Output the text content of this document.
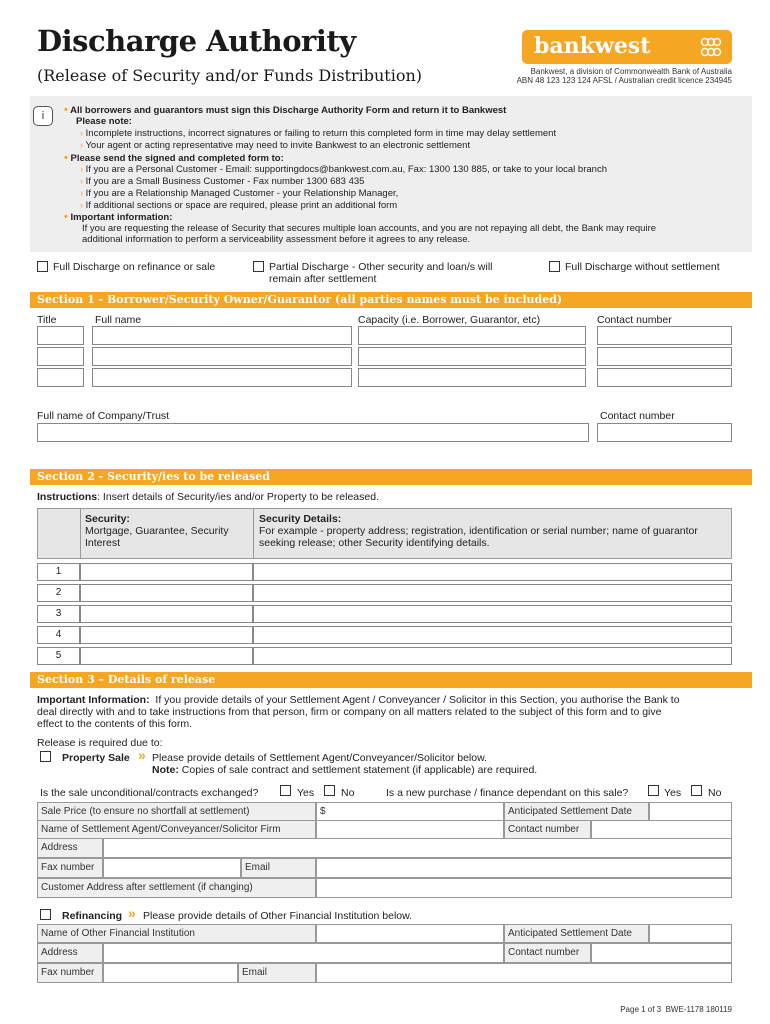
Discharge Authority
(Release of Security and/or Funds Distribution)
bankwest
Bankwest, a division of Commonwealth Bank of Australia
ABN 48 123 123 124 AFSL / Australian credit licence 234945
i	• All borrowers and guarantors must sign this Discharge Authority Form and return it to Bankwest
Please note:
› Incomplete instructions, incorrect signatures or failing to return this completed form in time may delay settlement
› Your agent or acting representative may need to invite Bankwest to an electronic settlement
• Please send the signed and completed form to:
› If you are a Personal Customer - Email: supportingdocs@bankwest.com.au, Fax: 1300 130 885, or take to your local branch
› If you are a Small Business Customer - Fax number 1300 683 435
› If you are a Relationship Managed Customer - your Relationship Manager,
› If additional sections or space are required, please print an additional form
• Important information:
If you are requesting the release of Security that secures multiple loan accounts, and you are not repaying all debt, the Bank may require
additional information to perform a serviceability assessment before it agrees to any release.
Full Discharge on refinance or sale	Partial Discharge - Other security and loan/s will
remain after settlement
Full Discharge without settlement
Section 1 - Borrower/Security Owner/Guarantor (all parties names must be included)
Title	Full name	Capacity (i.e. Borrower, Guarantor, etc)	Contact number
Full name of Company/Trust	Contact number
Section 2 - Security/ies to be released
Instructions: Insert details of Security/ies and/or Property to be released.
Security:
Mortgage, Guarantee, Security
Interest
Security Details:
For example - property address; registration, identification or serial number; name of guarantor
seeking release; other Security identifying details.
1
2
3
4
5
Section 3 – Details of release
Important Information: If you provide details of your Settlement Agent / Conveyancer / Solicitor in this Section, you authorise the Bank to
deal directly with and to take instructions from that person, firm or company on all matters related to the subject of this form and to give
effect to the contents of this form.
Release is required due to:
Property Sale » Please provide details of Settlement Agent/Conveyancer/Solicitor below.
Note: Copies of sale contract and settlement statement (if applicable) are required.
Is the sale unconditional/contracts exchanged?	Yes	No	Is a new purchase / finance dependant on this sale?	Yes	No
Sale Price (to ensure no shortfall at settlement)	$	Anticipated Settlement Date
Name of Settlement Agent/Conveyancer/Solicitor Firm	Contact number
Address
Fax number	Email
Customer Address after settlement (if changing)
Refinancing » Please provide details of Other Financial Institution below.
Name of Other Financial Institution	Anticipated Settlement Date
Address	Contact number
Fax number	Email
Page 1 of 3 BWE-1178 180119
